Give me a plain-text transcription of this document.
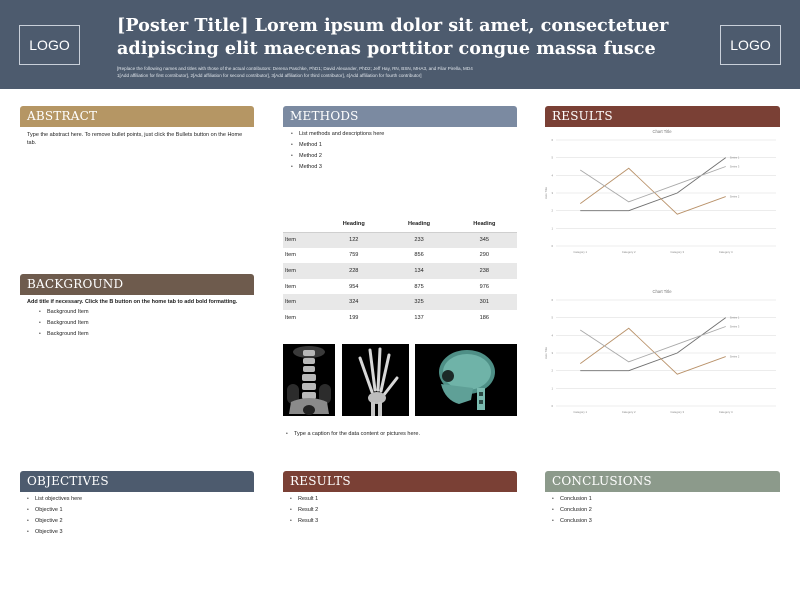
LOGO
[Poster Title] Lorem ipsum dolor sit amet, consectetuer
adipiscing elit maecenas porttitor congue massa fusce
[Replace the following names and titles with those of the actual contributors: Derena Paschke, PhD1; David Alexander, PhD2; Jeff Hay, RN, BSN, MHA3, and Filar Pirella, MD4
1[Add affiliation for first contributor], 2[Add affiliation for second contributor], 3[Add affiliation for third contributor], 4[Add affiliation for fourth contributor]
LOGO
ABSTRACT
Type the abstract here. To remove bullet points, just click the Bullets button on the Home tab.
BACKGROUND
Add title if necessary. Click the B button on the home tab to add bold formatting.
• Background Item
• Background Item
• Background Item
METHODS
• List methods and descriptions here
• Method 1
• Method 2
• Method 3
	Heading	Heading	Heading
Item	122	233	345
Item	759	856	290
Item	228	134	238
Item	954	875	976
Item	324	325	301
Item	199	137	186
• Type a caption for the data content or pictures here.
RESULTS
Chart Title
Axis Title
0
1
2
3
4
5
6
Category 1	Category 2	Category 3	Category 4
Series 1
Series 2
Series 3
Chart Title
Axis Title
0
1
2
3
4
5
6
Category 1	Category 2	Category 3	Category 4
Series 1
Series 2
Series 3
OBJECTIVES
• List objectives here
• Objective 1
• Objective 2
• Objective 3
RESULTS
• Result 1
• Result 2
• Result 3
CONCLUSIONS
• Conclusion 1
• Conclusion 2
• Conclusion 3
